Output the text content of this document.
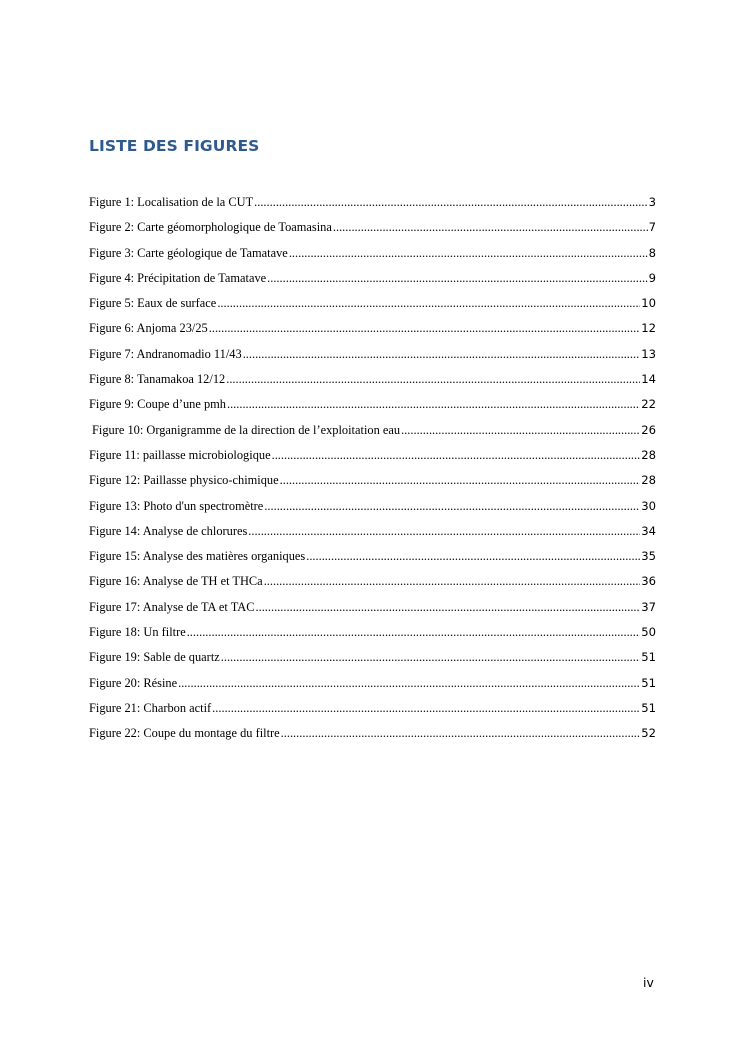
LISTE DES FIGURES
Figure 1: Localisation de la CUT .....	3
Figure 2: Carte géomorphologique de Toamasina .....	7
Figure 3: Carte géologique de Tamatave .....	8
Figure 4: Précipitation de Tamatave .....	9
Figure 5: Eaux de surface .....	10
Figure 6: Anjoma 23/25 .....	12
Figure 7: Andranomadio 11/43 .....	13
Figure 8: Tanamakoa 12/12 .....	14
Figure 9: Coupe d’une pmh .....	22
Figure 10: Organigramme de la direction de l’exploitation eau .....	26
Figure 11: paillasse microbiologique .....	28
Figure 12: Paillasse physico-chimique .....	28
Figure 13: Photo d'un spectromètre .....	30
Figure 14: Analyse de chlorures .....	34
Figure 15: Analyse des matières organiques .....	35
Figure 16: Analyse de TH et THCa .....	36
Figure 17: Analyse de TA et TAC .....	37
Figure 18: Un filtre .....	50
Figure 19: Sable de quartz .....	51
Figure 20: Résine .....	51
Figure 21: Charbon actif .....	51
Figure 22: Coupe du montage du filtre .....	52
iv
